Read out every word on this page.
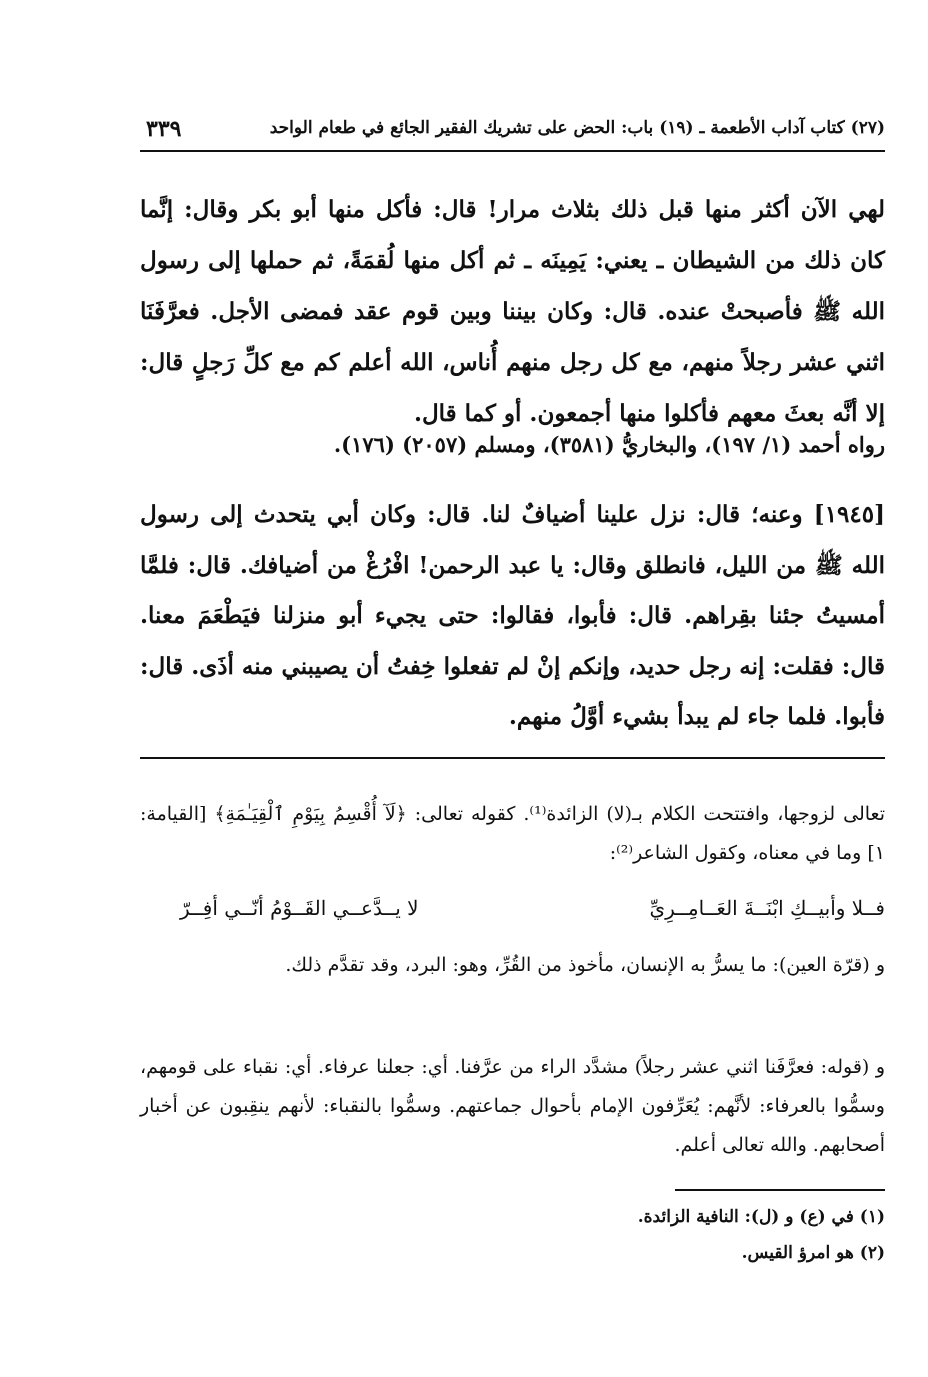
(٢٧) كتاب آداب الأطعمة ـ (١٩) باب: الحض على تشريك الفقير الجائع في طعام الواحد
٣٣٩

لهي الآن أكثر منها قبل ذلك بثلاث مرار! قال: فأكل منها أبو بكر وقال: إنَّما كان ذلك من الشيطان ـ يعني: يَمِينَه ـ ثم أكل منها لُقمَةً، ثم حملها إلى رسول الله ﷺ فأصبحتْ عنده. قال: وكان بيننا وبين قوم عقد فمضى الأجل. فعرَّفَنَا اثني عشر رجلاً منهم، مع كل رجل منهم أُناس، الله أعلم كم مع كلِّ رَجلٍ قال: إلا أنَّه بعثَ معهم فأكلوا منها أجمعون. أو كما قال.

رواه أحمد (١/ ١٩٧)، والبخاريُّ (٣٥٨١)، ومسلم (٢٠٥٧) (١٧٦).

[١٩٤٥] وعنه؛ قال: نزل علينا أضيافٌ لنا. قال: وكان أبي يتحدث إلى رسول الله ﷺ من الليل، فانطلق وقال: يا عبد الرحمن! افْرُغْ من أضيافك. قال: فلمَّا أمسيتُ جئنا بقِراهم. قال: فأبوا، فقالوا: حتى يجيء أبو منزلنا فيَطْعَمَ معنا. قال: فقلت: إنه رجل حديد، وإنكم إنْ لم تفعلوا خِفتُ أن يصيبني منه أذَى. قال: فأبوا. فلما جاء لم يبدأ بشيء أوَّلُ منهم.

تعالى لزوجها، وافتتحت الكلام بـ(لا) الزائدة⁽¹⁾. كقوله تعالى: ﴿لَآ أُقْسِمُ بِيَوْمِ ٱلْقِيَـٰمَةِ﴾ [القيامة: ١] وما في معناه، وكقول الشاعر⁽²⁾:
فــلا وأبيــكِ ابْنَــةَ العَــامِــرِيِّ
لا يــدَّعــي القَــوْمُ أنّــي أفِــرّ
و (قرّة العين): ما يسرُّ به الإنسان، مأخوذ من القُرِّ، وهو: البرد، وقد تقدَّم ذلك.
و (قوله: فعرَّفَنا اثني عشر رجلاً) مشدَّد الراء من عرَّفنا. أي: جعلنا عرفاء. أي: نقباء على قومهم، وسمُّوا بالعرفاء: لأنَّهم: يُعَرِّفون الإمام بأحوال جماعتهم. وسمُّوا بالنقباء: لأنهم ينقِبون عن أخبار أصحابهم. والله تعالى أعلم.
(١) في (ع) و (ل): النافية الزائدة.
(٢) هو امرؤ القيس.
